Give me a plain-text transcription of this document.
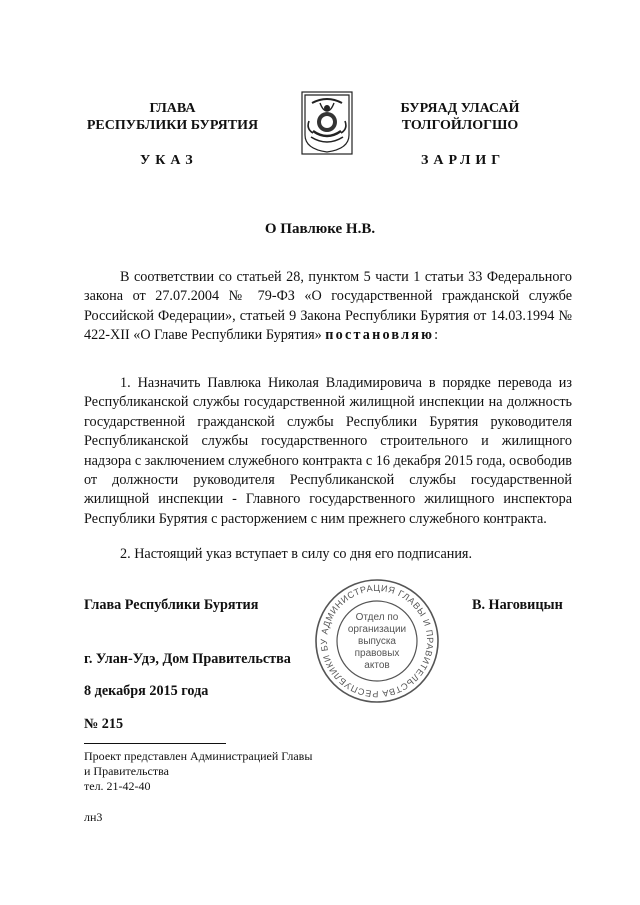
ГЛАВА
РЕСПУБЛИКИ БУРЯТИЯ
БУРЯАД УЛАСАЙ
ТОЛГОЙЛОГШО
УКАЗ	ЗАРЛИГ
О Павлюке Н.В.

В соответствии со статьей 28, пунктом 5 части 1 статьи 33 Федерального закона от 27.07.2004 № 79-ФЗ «О государственной гражданской службе Российской Федерации», статьей 9 Закона Республики Бурятия от 14.03.1994 № 422-XII «О Главе Республики Бурятия» постановляю:

1. Назначить Павлюка Николая Владимировича в порядке перевода из Республиканской службы государственной жилищной инспекции на должность государственной гражданской службы Республики Бурятия руководителя Республиканской службы государственного строительного и жилищного надзора с заключением служебного контракта с 16 декабря 2015 года, освободив от должности руководителя Республиканской службы государственной жилищной инспекции - Главного государственного жилищного инспектора Республики Бурятия с расторжением с ним прежнего служебного контракта.

2. Настоящий указ вступает в силу со дня его подписания.

Глава Республики Бурятия	В. Наговицын
АДМИНИСТРАЦИЯ ГЛАВЫ И ПРАВИТЕЛЬСТВА РЕСПУБЛИКИ БУ
Отдел по
организации
выпуска
правовых
актов
г. Улан-Удэ, Дом Правительства
8 декабря 2015 года
№ 215
Проект представлен Администрацией Главы
и Правительства
тел. 21-42-40
лн3
